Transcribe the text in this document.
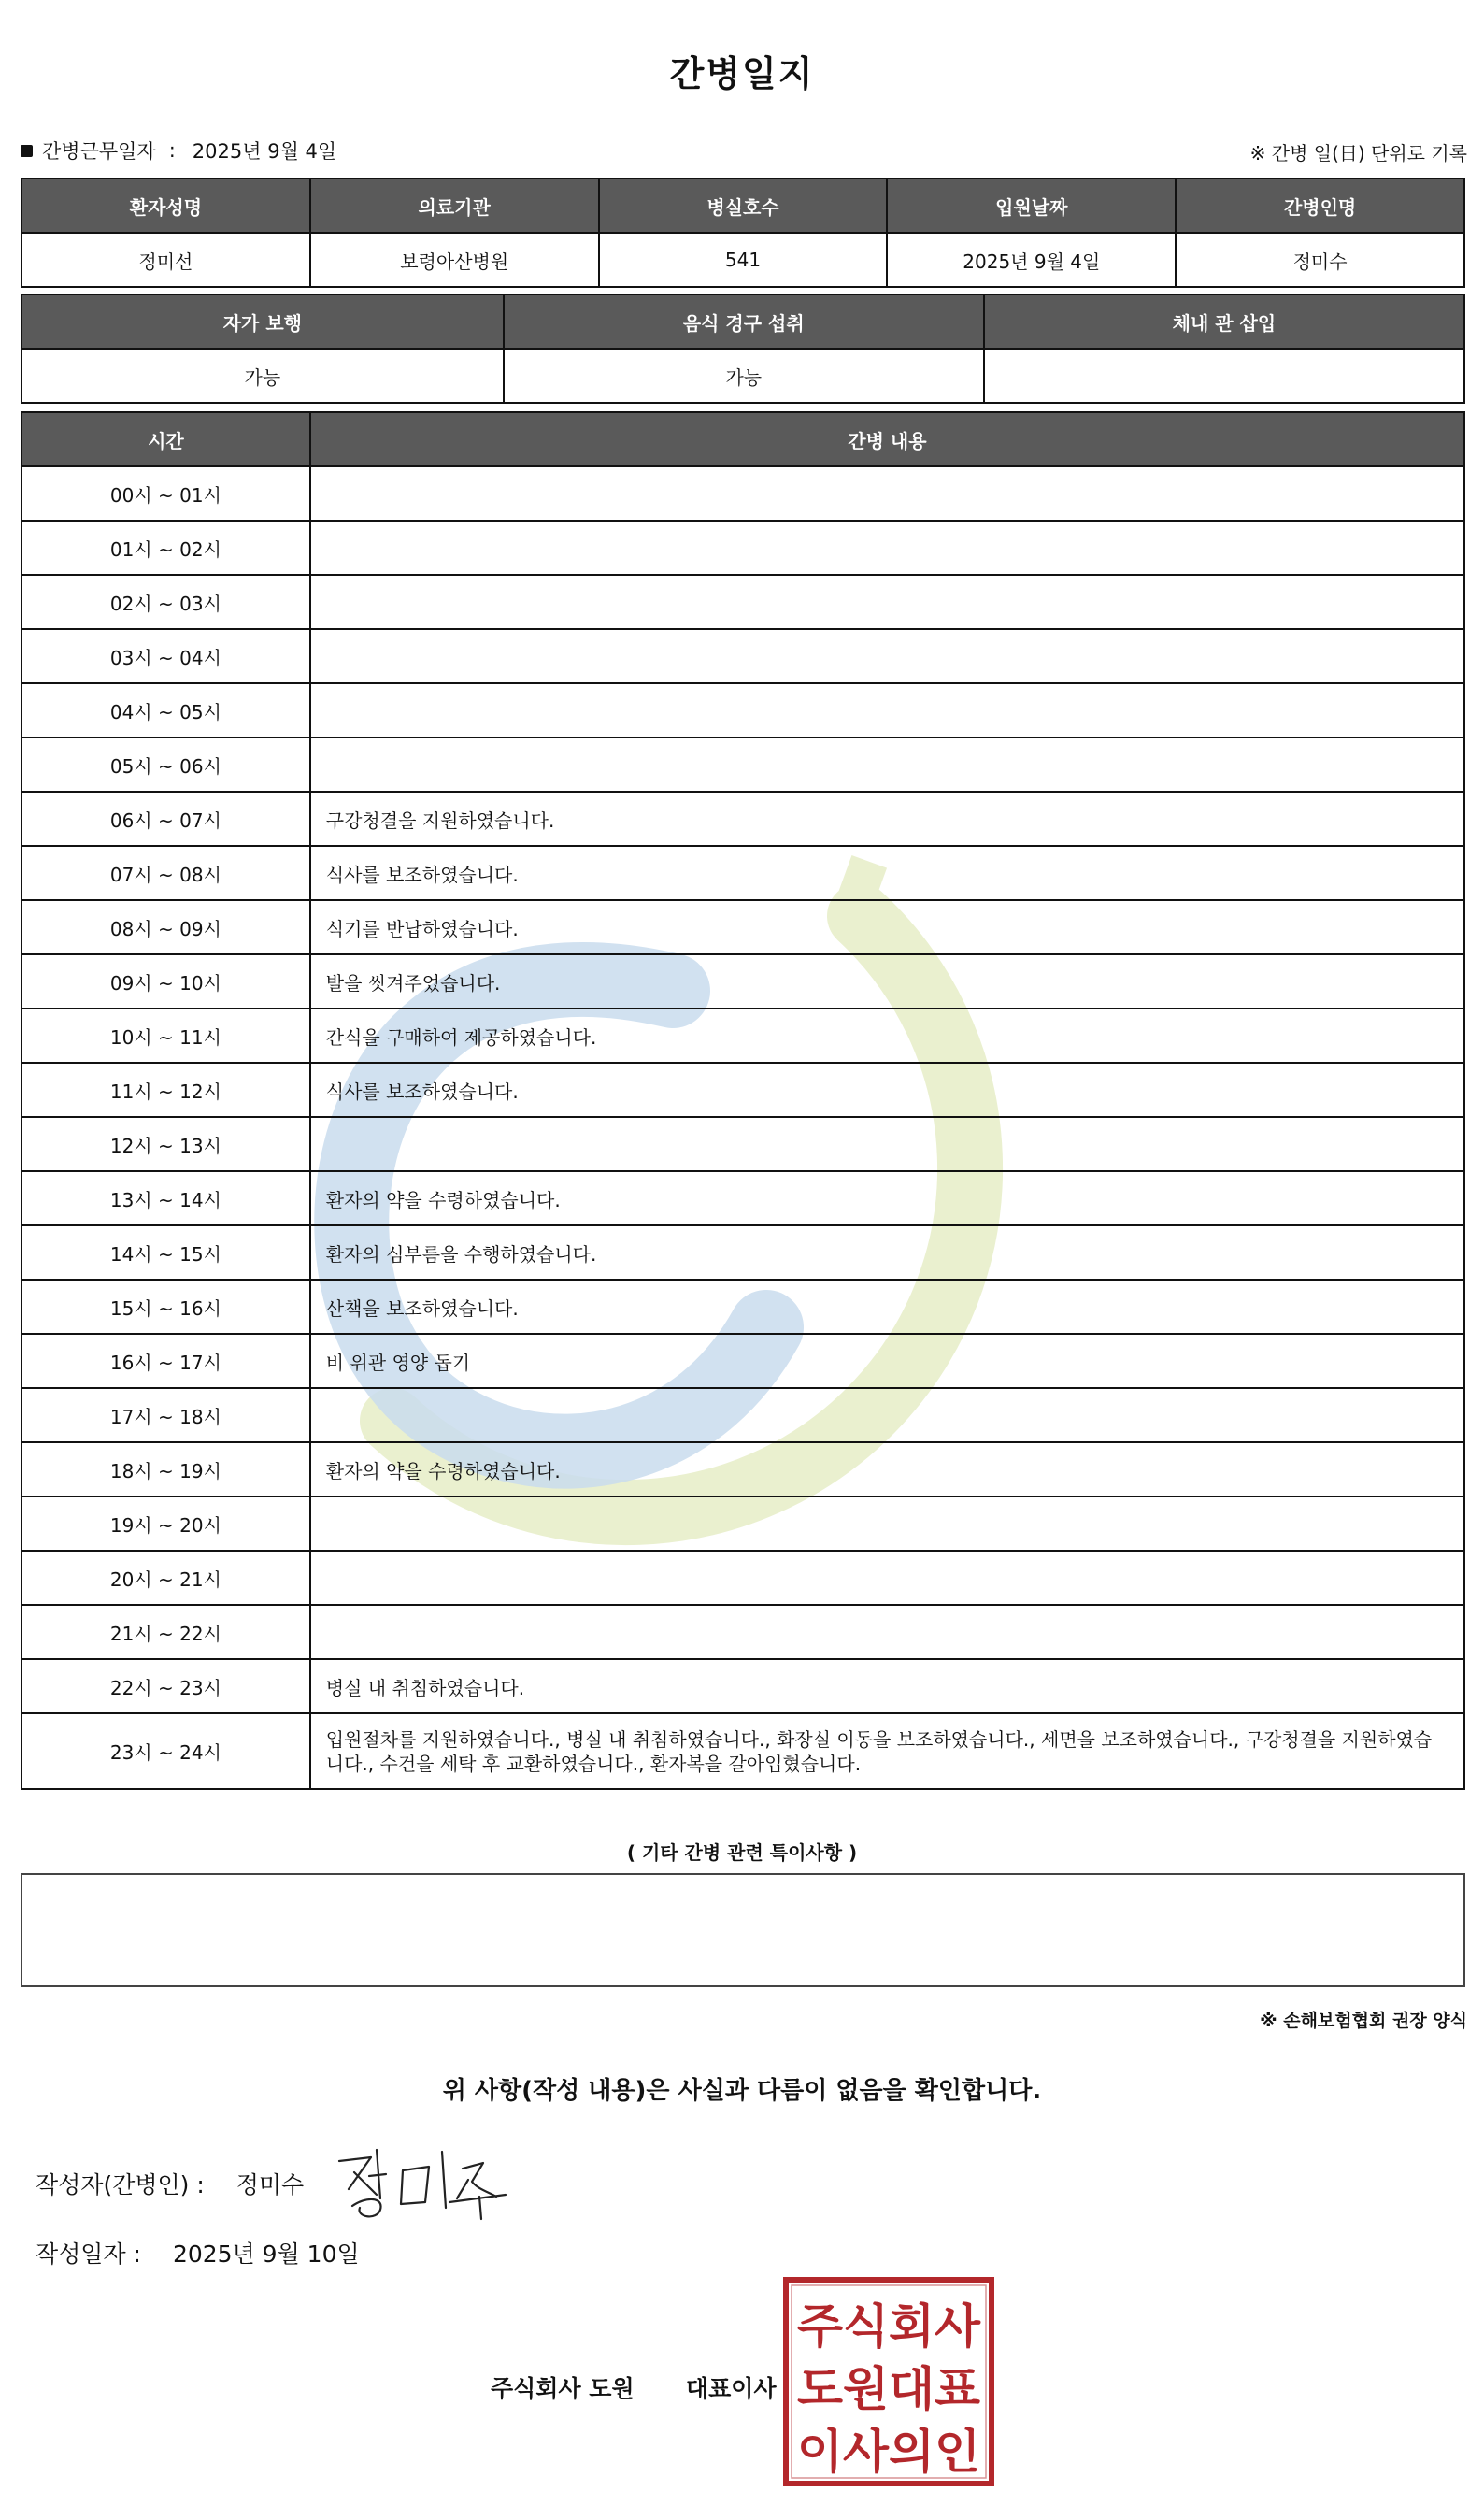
간병일지
간병근무일자 : 2025년 9월 4일	※ 간병 일(日) 단위로 기록
환자성명	의료기관	병실호수	입원날짜	간병인명
정미선	보령아산병원	541	2025년 9월 4일	정미수
자가 보행	음식 경구 섭취	체내 관 삽입
가능	가능	
시간	간병 내용
00시 ~ 01시	
01시 ~ 02시	
02시 ~ 03시	
03시 ~ 04시	
04시 ~ 05시	
05시 ~ 06시	
06시 ~ 07시	구강청결을 지원하였습니다.
07시 ~ 08시	식사를 보조하였습니다.
08시 ~ 09시	식기를 반납하였습니다.
09시 ~ 10시	발을 씻겨주었습니다.
10시 ~ 11시	간식을 구매하여 제공하였습니다.
11시 ~ 12시	식사를 보조하였습니다.
12시 ~ 13시	
13시 ~ 14시	환자의 약을 수령하였습니다.
14시 ~ 15시	환자의 심부름을 수행하였습니다.
15시 ~ 16시	산책을 보조하였습니다.
16시 ~ 17시	비 위관 영양 돕기
17시 ~ 18시	
18시 ~ 19시	환자의 약을 수령하였습니다.
19시 ~ 20시	
20시 ~ 21시	
21시 ~ 22시	
22시 ~ 23시	병실 내 취침하였습니다.
23시 ~ 24시	입원절차를 지원하였습니다., 병실 내 취침하였습니다., 화장실 이동을 보조하였습니다., 세면을 보조하였습니다., 구강청결을 지원하였습니다., 수건을 세탁 후 교환하였습니다., 환자복을 갈아입혔습니다.
( 기타 간병 관련 특이사항 )
※ 손해보험협회 권장 양식
위 사항(작성 내용)은 사실과 다름이 없음을 확인합니다.
작성자(간병인) : 정미수
작성일자 : 2025년 9월 10일
주식회사 도원 대표이사
주식회사
도원대표
이사의인
